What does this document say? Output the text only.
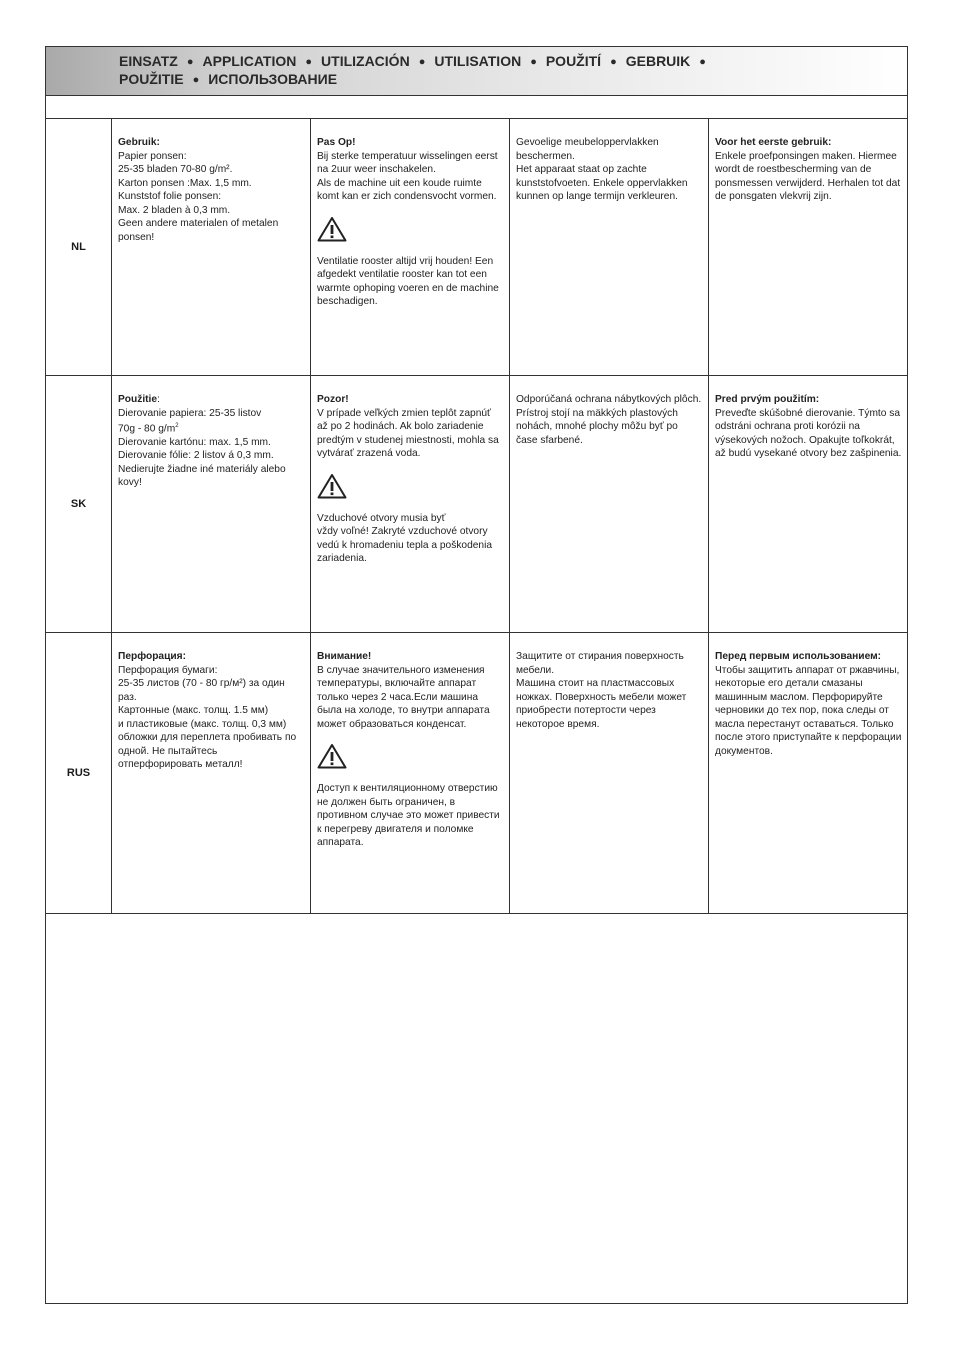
EINSATZ ● APPLICATION ● UTILIZACIÓN ● UTILISATION ● POUŽITÍ ● GEBRUIK ●
POUŽITIE ● ИСПОЛЬЗОВАНИЕ
NL
Gebruik:
Papier ponsen:
25-35 bladen 70-80 g/m².
Karton ponsen :Max. 1,5 mm.
Kunststof folie ponsen:
Max. 2 bladen à 0,3 mm.
Geen andere materialen of metalen ponsen!
Pas Op!
Bij sterke temperatuur wisselingen eerst na 2uur weer inschakelen.
Als de machine uit een koude ruimte komt kan er zich condensvocht vormen.
Ventilatie rooster altijd vrij houden! Een afgedekt ventilatie rooster kan tot een warmte ophoping voeren en de machine beschadigen.
Gevoelige meubeloppervlakken beschermen.
Het apparaat staat op zachte kunststofvoeten. Enkele oppervlakken kunnen op lange termijn verkleuren.
Voor het eerste gebruik:
Enkele proefponsingen maken. Hiermee wordt de roestbescherming van de ponsmessen verwijderd. Herhalen tot dat de ponsgaten vlekvrij zijn.
SK
Použitie:
Dierovanie papiera: 25-35 listov
70g - 80 $g/m^2$
Dierovanie kartónu: max. 1,5 mm.
Dierovanie fólie: 2 listov á 0,3 mm.
Nedierujte žiadne iné materiály alebo kovy!
Pozor!
V prípade veľkých zmien teplôt zapnúť až po 2 hodinách. Ak bolo zariadenie predtým v studenej miestnosti, mohla sa vytvárať zrazená voda.
Vzduchové otvory musia byť
vždy voľné! Zakryté vzduchové otvory vedú k hromadeniu tepla a poškodenia zariadenia.
Odporúčaná ochrana nábytkových plôch.
Prístroj stojí na mäkkých plastových nohách, mnohé plochy môžu byť po čase sfarbené.
Pred prvým použitím:
Preveďte skúšobné dierovanie. Týmto sa odstráni ochrana proti korózii na výsekových nožoch. Opakujte toľkokrát, až budú vysekané otvory bez zašpinenia.
RUS
Перфорация:
Перфорация бумаги:
25-35 листов (70 - 80 гр/м²) за один раз.
Картонные (макс. толщ. 1.5 мм)
и пластиковые (макс. толщ. 0,3 мм) обложки для переплета пробивать по одной. Не пытайтесь отперфорировать металл!
Внимание!
В случае значительного изменения температуры, включайте аппарат только через 2 часа.Если машина была на холоде, то внутри аппарата может образоваться конденсат.
Доступ к вентиляционному отверстию не должен быть ограничен, в противном случае это может привести к перегреву двигателя и поломке аппарата.
Защитите от стирания поверхность мебели.
Машина стоит на пластмассовых ножках. Поверхность мебели может приобрести потертости через некоторое время.
Перед первым использованием:
Чтобы защитить аппарат от ржавчины, некоторые его детали смазаны машинным маслом. Перфорируйте черновики до тех пор, пока следы от масла перестанут оставаться. Только после этого приступайте к перфорации документов.
